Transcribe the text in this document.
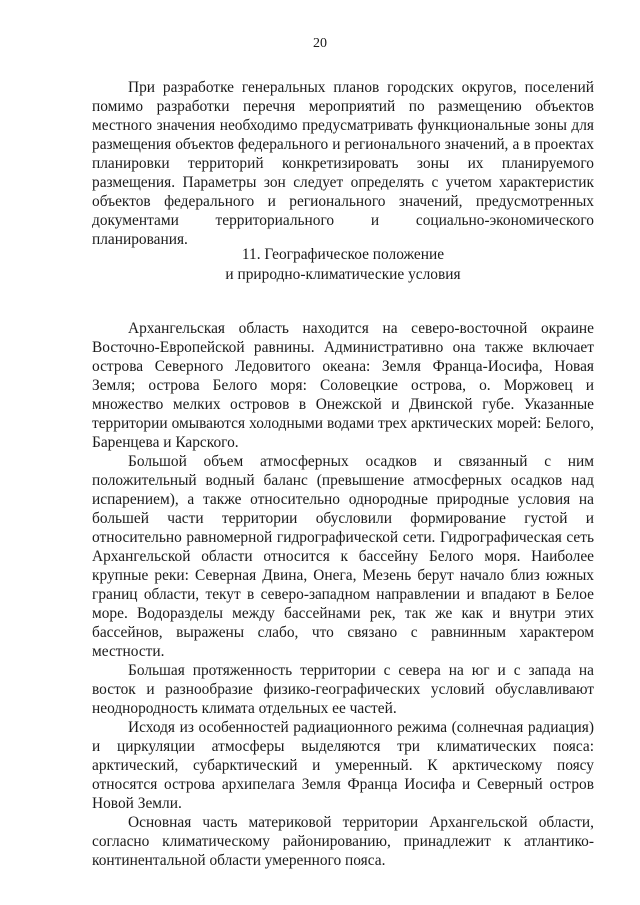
20

При разработке генеральных планов городских округов, поселений помимо разработки перечня мероприятий по размещению объектов местного значения необходимо предусматривать функциональные зоны для размещения объектов федерального и регионального значений, а в проектах планировки территорий конкретизировать зоны их планируемого размещения. Параметры зон следует определять с учетом характеристик объектов федерального и регионального значений, предусмотренных документами территориального и социально-экономического планирования.

11. Географическое положение
и природно-климатические условия

Архангельская область находится на северо-восточной окраине Восточно-Европейской равнины. Административно она также включает острова Северного Ледовитого океана: Земля Франца-Иосифа, Новая Земля; острова Белого моря: Соловецкие острова, о. Моржовец и множество мелких островов в Онежской и Двинской губе. Указанные территории омываются холодными водами трех арктических морей: Белого, Баренцева и Карского.

Большой объем атмосферных осадков и связанный с ним положительный водный баланс (превышение атмосферных осадков над испарением), а также относительно однородные природные условия на большей части территории обусловили формирование густой и относительно равномерной гидрографической сети. Гидрографическая сеть Архангельской области относится к бассейну Белого моря. Наиболее крупные реки: Северная Двина, Онега, Мезень берут начало близ южных границ области, текут в северо-западном направлении и впадают в Белое море. Водоразделы между бассейнами рек, так же как и внутри этих бассейнов, выражены слабо, что связано с равнинным характером местности.

Большая протяженность территории с севера на юг и с запада на восток и разнообразие физико-географических условий обуславливают неоднородность климата отдельных ее частей.

Исходя из особенностей радиационного режима (солнечная радиация) и циркуляции атмосферы выделяются три климатических пояса: арктический, субарктический и умеренный. К арктическому поясу относятся острова архипелага Земля Франца Иосифа и Северный остров Новой Земли.

Основная часть материковой территории Архангельской области, согласно климатическому районированию, принадлежит к атлантико-континентальной области умеренного пояса.
